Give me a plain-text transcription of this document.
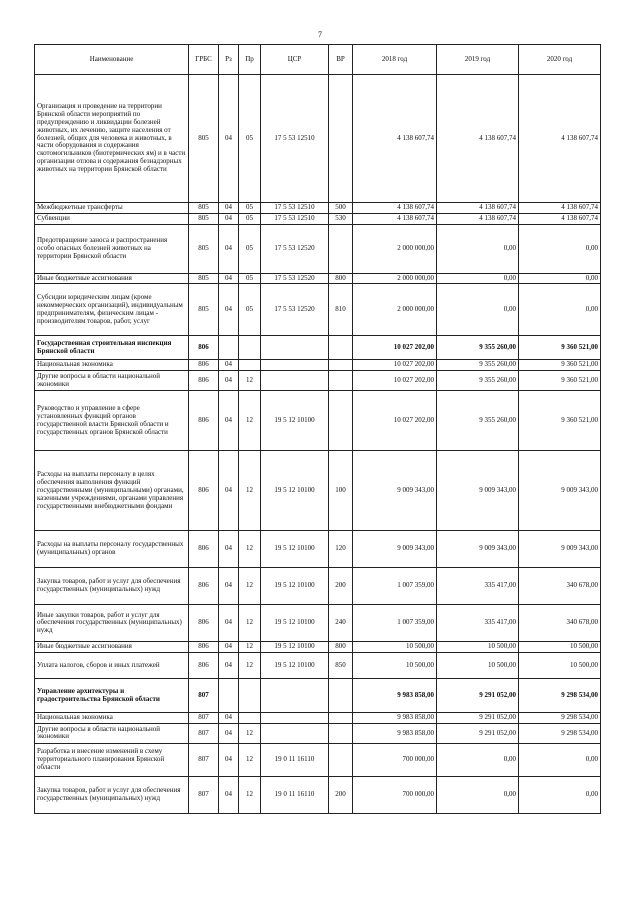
7
Наименование	ГРБС	Рз	Пр	ЦСР	ВР	2018 год	2019 год	2020 год
Организация и проведение на территории Брянской области мероприятий по предупреждению и ликвидации болезней животных, их лечению, защите населения от болезней, общих для человека и животных, в части оборудования и содержания скотомогильников (биотермических ям) и в части организации отлова и содержания безнадзорных животных на территории Брянской области	805	04	05	17 5 53 12510		4 138 607,74	4 138 607,74	4 138 607,74
Межбюджетные трансферты	805	04	05	17 5 53 12510	500	4 138 607,74	4 138 607,74	4 138 607,74
Субвенции	805	04	05	17 5 53 12510	530	4 138 607,74	4 138 607,74	4 138 607,74
Предотвращение заноса и распространения особо опасных болезней животных на территории Брянской области	805	04	05	17 5 53 12520		2 000 000,00	0,00	0,00
Иные бюджетные ассигнования	805	04	05	17 5 53 12520	800	2 000 000,00	0,00	0,00
Субсидии юридическим лицам (кроме некоммерческих организаций), индивидуальным предпринимателям, физическим лицам - производителям товаров, работ, услуг	805	04	05	17 5 53 12520	810	2 000 000,00	0,00	0,00
Государственная строительная инспекция Брянской области	806					10 027 202,00	9 355 260,00	9 360 521,00
Национальная экономика	806	04				10 027 202,00	9 355 260,00	9 360 521,00
Другие вопросы в области национальной экономики	806	04	12			10 027 202,00	9 355 260,00	9 360 521,00
Руководство и управление в сфере установленных функций органов государственной власти Брянской области и государственных органов Брянской области	806	04	12	19 5 12 10100		10 027 202,00	9 355 260,00	9 360 521,00
Расходы на выплаты персоналу в целях обеспечения выполнения функций государственными (муниципальными) органами, казенными учреждениями, органами управления государственными внебюджетными фондами	806	04	12	19 5 12 10100	100	9 009 343,00	9 009 343,00	9 009 343,00
Расходы на выплаты персоналу государственных (муниципальных) органов	806	04	12	19 5 12 10100	120	9 009 343,00	9 009 343,00	9 009 343,00
Закупка товаров, работ и услуг для обеспечения государственных (муниципальных) нужд	806	04	12	19 5 12 10100	200	1 007 359,00	335 417,00	340 678,00
Иные закупки товаров, работ и услуг для обеспечения государственных (муниципальных) нужд	806	04	12	19 5 12 10100	240	1 007 359,00	335 417,00	340 678,00
Иные бюджетные ассигнования	806	04	12	19 5 12 10100	800	10 500,00	10 500,00	10 500,00
Уплата налогов, сборов и иных платежей	806	04	12	19 5 12 10100	850	10 500,00	10 500,00	10 500,00
Управление архитектуры и градостроительства Брянской области	807					9 983 858,00	9 291 052,00	9 298 534,00
Национальная экономика	807	04				9 983 858,00	9 291 052,00	9 298 534,00
Другие вопросы в области национальной экономики	807	04	12			9 983 858,00	9 291 052,00	9 298 534,00
Разработка и внесение изменений в схему территориального планирования Брянской области	807	04	12	19 0 11 16110		700 000,00	0,00	0,00
Закупка товаров, работ и услуг для обеспечения государственных (муниципальных) нужд	807	04	12	19 0 11 16110	200	700 000,00	0,00	0,00
